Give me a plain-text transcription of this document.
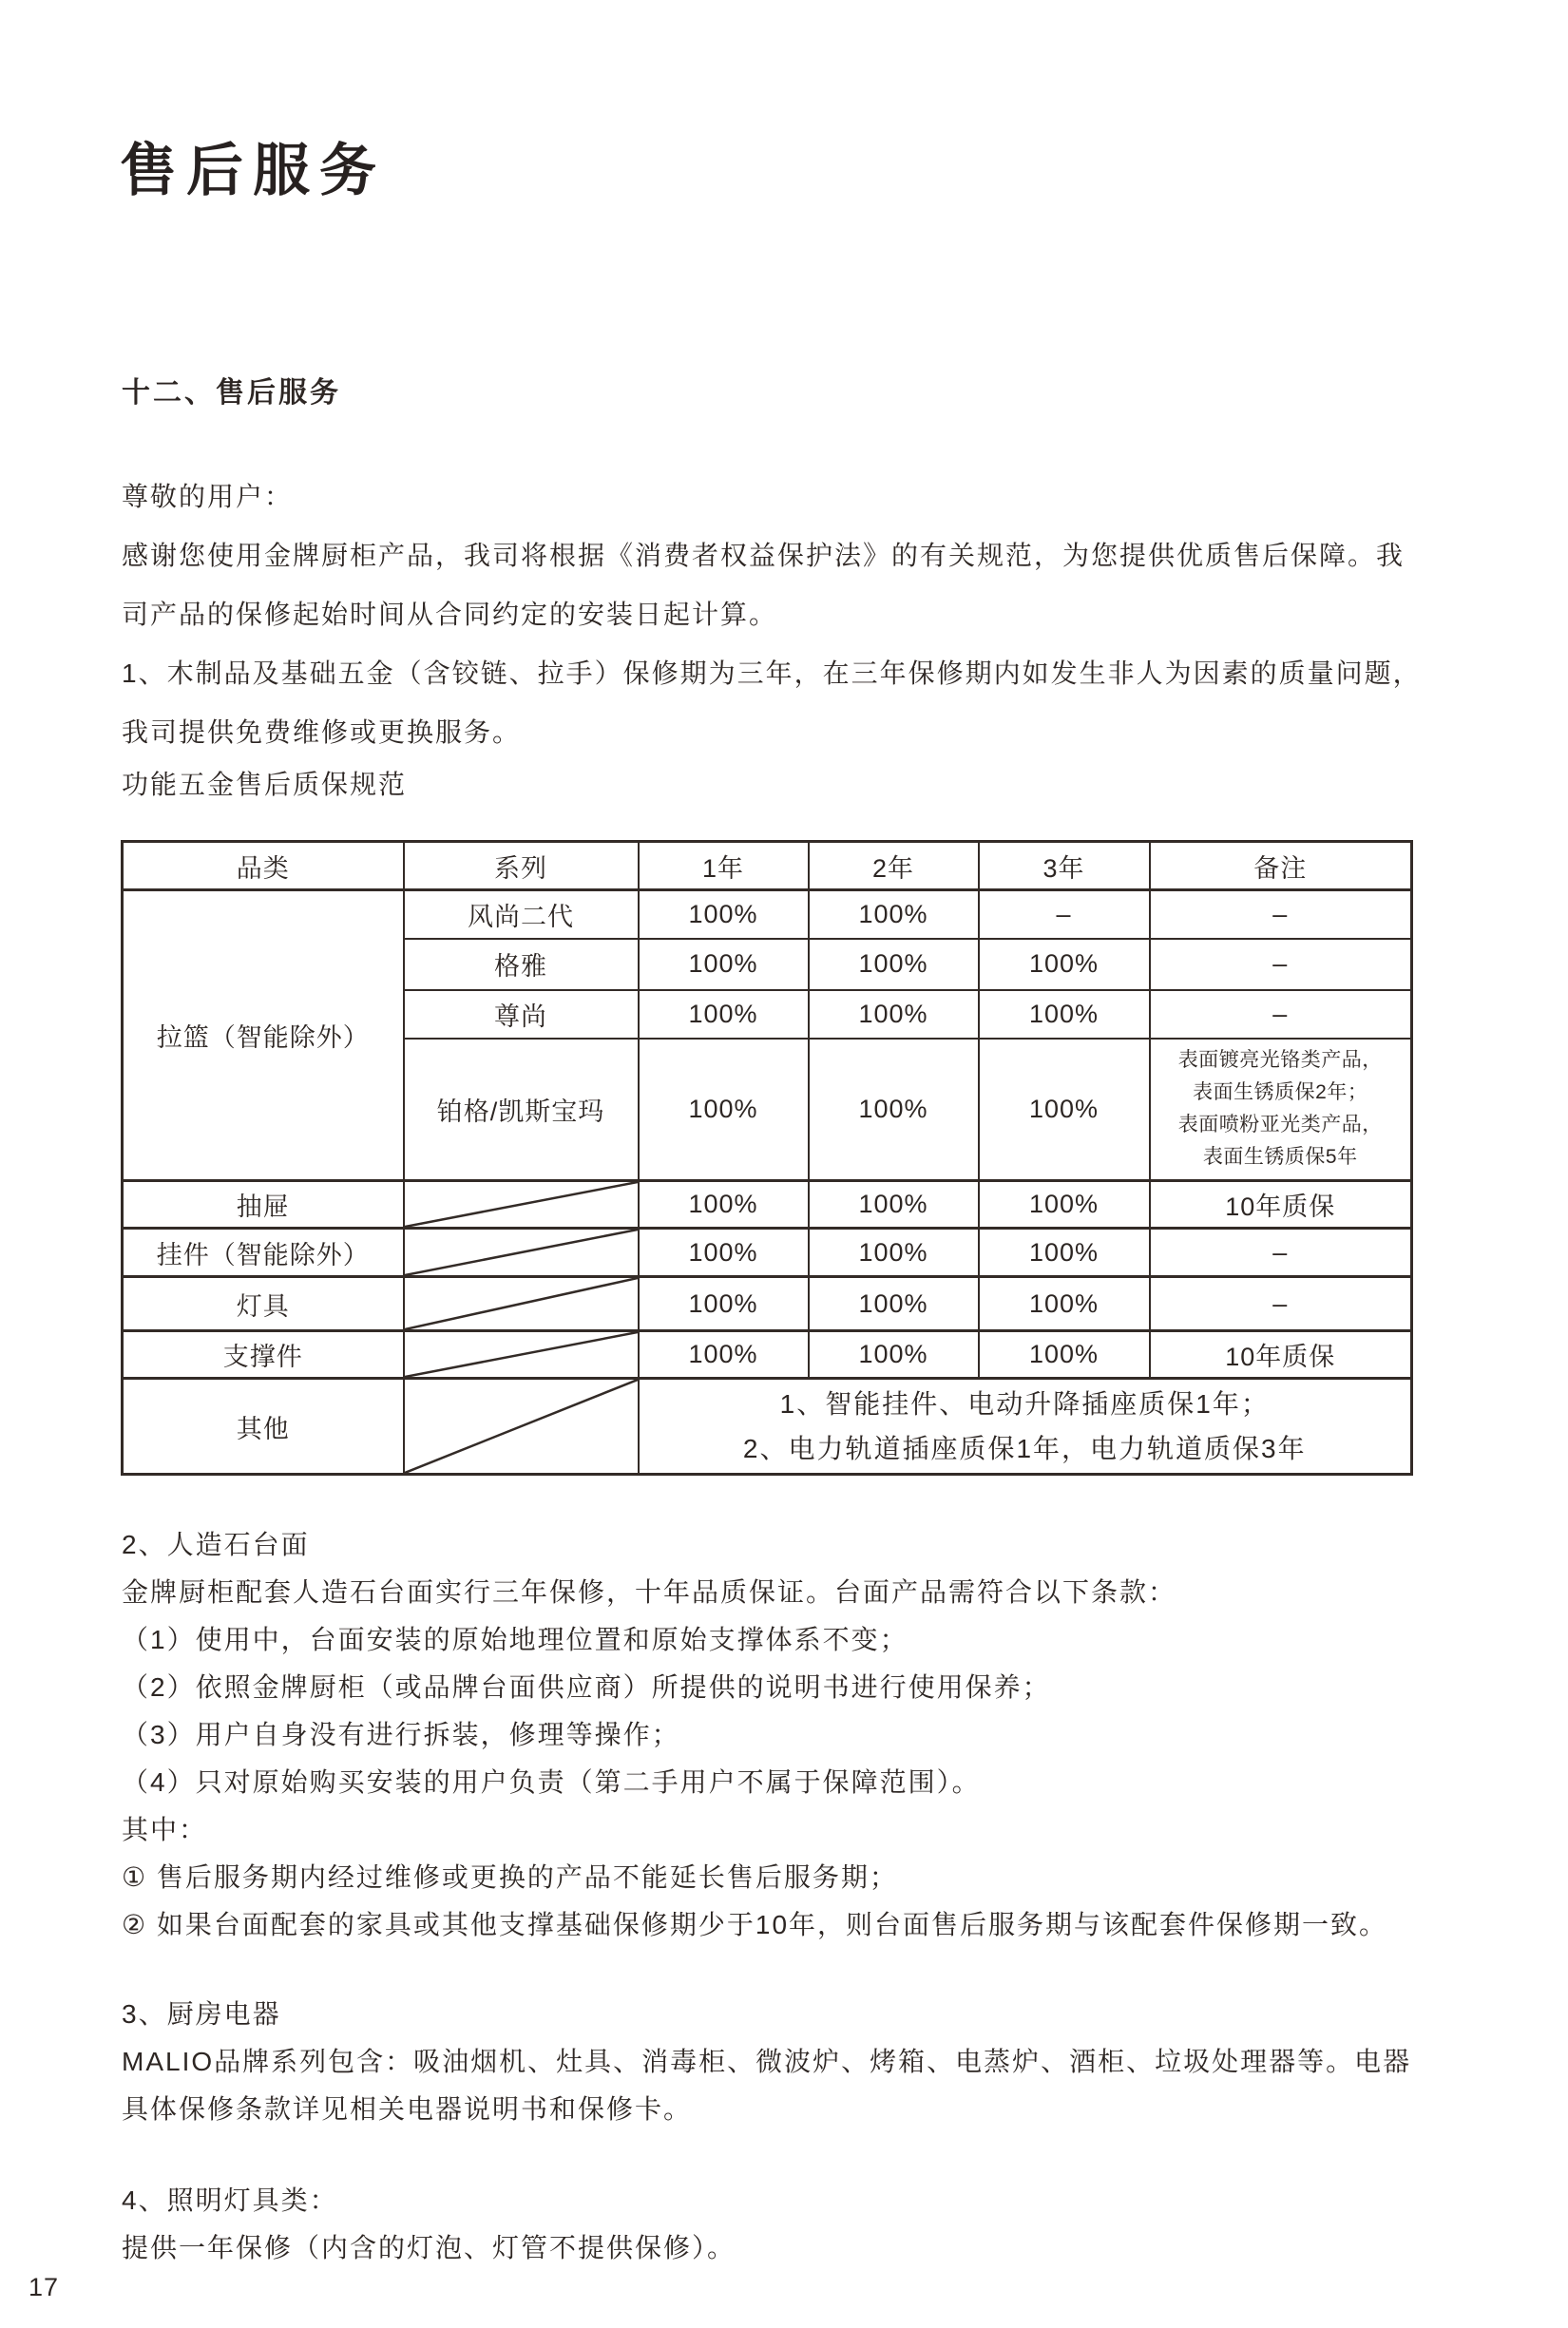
售后服务
十二、售后服务
尊敬的用户：
感谢您使用金牌厨柜产品，我司将根据《消费者权益保护法》的有关规范，为您提供优质售后保障。我
司产品的保修起始时间从合同约定的安装日起计算。
1、木制品及基础五金（含铰链、拉手）保修期为三年，在三年保修期内如发生非人为因素的质量问题，
我司提供免费维修或更换服务。
功能五金售后质保规范
品类	系列	1年	2年	3年	备注
拉篮（智能除外）	风尚二代	100%	100%	–	–
	格雅	100%	100%	100%	–
	尊尚	100%	100%	100%	–
	铂格/凯斯宝玛	100%	100%	100%	表面镀亮光铬类产品，
表面生锈质保2年；
表面喷粉亚光类产品，
表面生锈质保5年

抽屉		100%	100%	100%	10年质保
挂件（智能除外）		100%	100%	100%	–
灯具		100%	100%	100%	–
支撑件		100%	100%	100%	10年质保
其他		1、智能挂件、电动升降插座质保1年；
2、电力轨道插座质保1年，电力轨道质保3年			
2、人造石台面
金牌厨柜配套人造石台面实行三年保修，十年品质保证。台面产品需符合以下条款：
（1）使用中，台面安装的原始地理位置和原始支撑体系不变；
（2）依照金牌厨柜（或品牌台面供应商）所提供的说明书进行使用保养；
（3）用户自身没有进行拆装，修理等操作；
（4）只对原始购买安装的用户负责（第二手用户不属于保障范围）。
其中：
① 售后服务期内经过维修或更换的产品不能延长售后服务期；
② 如果台面配套的家具或其他支撑基础保修期少于10年，则台面售后服务期与该配套件保修期一致。
3、厨房电器
MALIO品牌系列包含：吸油烟机、灶具、消毒柜、微波炉、烤箱、电蒸炉、酒柜、垃圾处理器等。电器
具体保修条款详见相关电器说明书和保修卡。
4、照明灯具类：
提供一年保修（内含的灯泡、灯管不提供保修）。
17
